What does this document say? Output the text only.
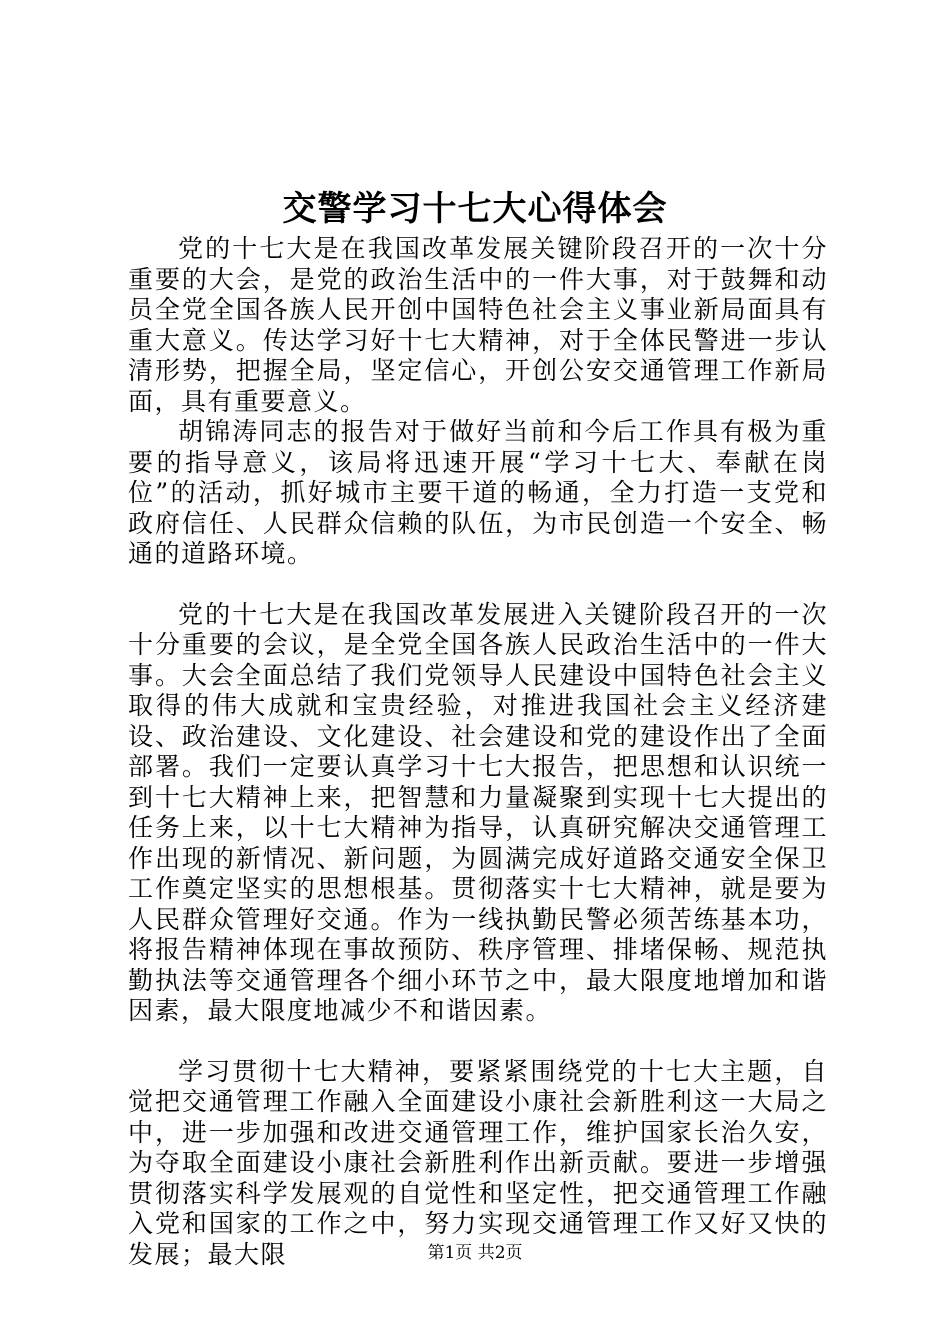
交警学习十七大心得体会

党的十七大是在我国改革发展关键阶段召开的一次十分重要的大会，是党的政治生活中的一件大事，对于鼓舞和动员全党全国各族人民开创中国特色社会主义事业新局面具有重大意义。传达学习好十七大精神，对于全体民警进一步认清形势，把握全局，坚定信心，开创公安交通管理工作新局面，具有重要意义。

胡锦涛同志的报告对于做好当前和今后工作具有极为重要的指导意义，该局将迅速开展“学习十七大、奉献在岗位”的活动，抓好城市主要干道的畅通，全力打造一支党和政府信任、人民群众信赖的队伍，为市民创造一个安全、畅通的道路环境。

党的十七大是在我国改革发展进入关键阶段召开的一次十分重要的会议，是全党全国各族人民政治生活中的一件大事。大会全面总结了我们党领导人民建设中国特色社会主义取得的伟大成就和宝贵经验，对推进我国社会主义经济建设、政治建设、文化建设、社会建设和党的建设作出了全面部署。我们一定要认真学习十七大报告，把思想和认识统一到十七大精神上来，把智慧和力量凝聚到实现十七大提出的任务上来，以十七大精神为指导，认真研究解决交通管理工作出现的新情况、新问题，为圆满完成好道路交通安全保卫工作奠定坚实的思想根基。贯彻落实十七大精神，就是要为人民群众管理好交通。作为一线执勤民警必须苦练基本功，将报告精神体现在事故预防、秩序管理、排堵保畅、规范执勤执法等交通管理各个细小环节之中，最大限度地增加和谐因素，最大限度地减少不和谐因素。

学习贯彻十七大精神，要紧紧围绕党的十七大主题，自觉把交通管理工作融入全面建设小康社会新胜利这一大局之中，进一步加强和改进交通管理工作，维护国家长治久安，为夺取全面建设小康社会新胜利作出新贡献。要进一步增强贯彻落实科学发展观的自觉性和坚定性，把交通管理工作融入党和国家的工作之中，努力实现交通管理工作又好又快的发展；最大限	第1页 共2页
